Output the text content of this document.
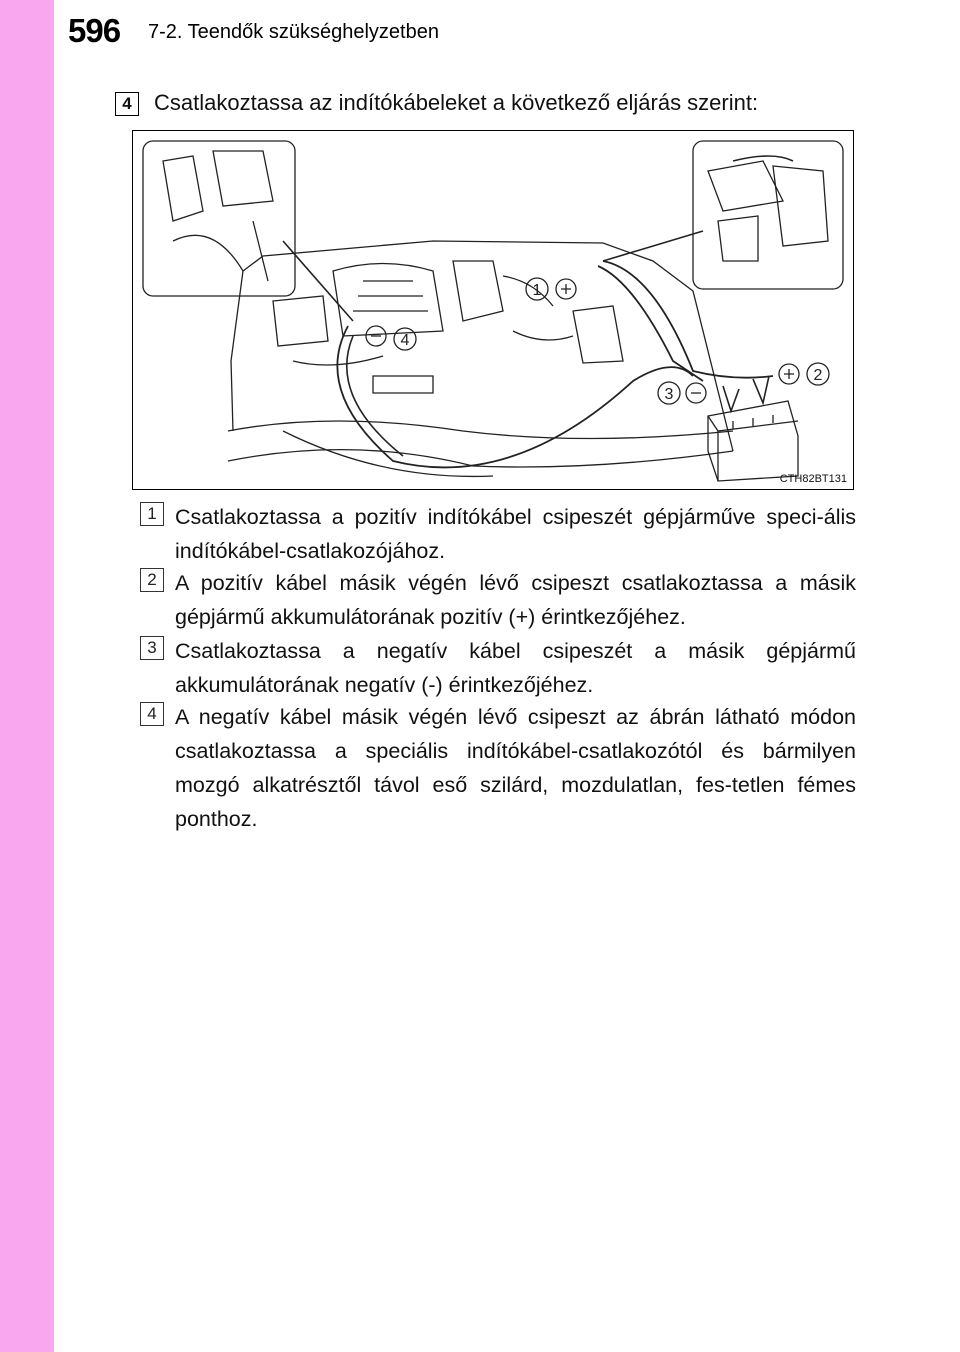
596 7-2. Teendők szükséghelyzetben
4	Csatlakoztassa az indítókábeleket a következő eljárás szerint:
1
4
2
3
CTH82BT131
1 Csatlakoztassa a pozitív indítókábel csipeszét gépjárművе speci-ális indítókábel-csatlakozójához.
2 A pozitív kábel másik végén lévő csipeszt csatlakoztassa a másik gépjármű akkumulátorának pozitív (+) érintkezőjéhez.
3 Csatlakoztassa a negatív kábel csipeszét a másik gépjármű akkumulátorának negatív (-) érintkezőjéhez.
4 A negatív kábel másik végén lévő csipeszt az ábrán látható módon csatlakoztassa a speciális indítókábel-csatlakozótól és bármilyen mozgó alkatrésztől távol eső szilárd, mozdulatlan, fes-tetlen fémes ponthoz.
